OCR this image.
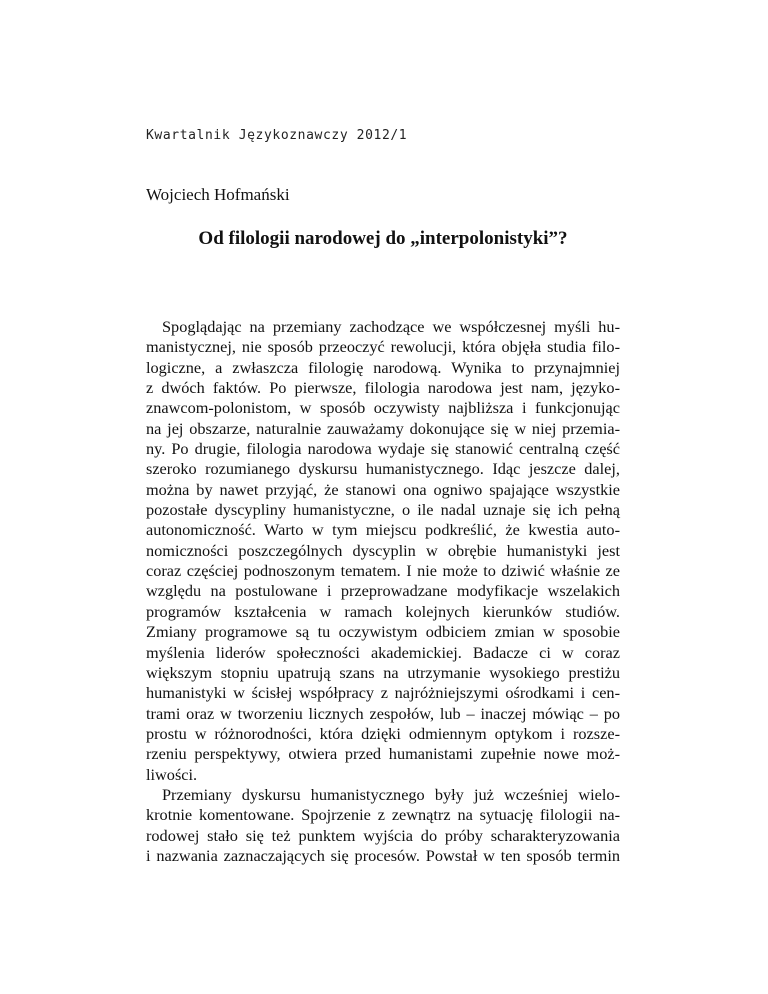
Kwartalnik Językoznawczy 2012/1
Wojciech Hofmański
Od filologii narodowej do „interpolonistyki”?
Spoglądając na przemiany zachodzące we współczesnej myśli hu-
manistycznej, nie sposób przeoczyć rewolucji, która objęła studia filo-
logiczne, a zwłaszcza filologię narodową. Wynika to przynajmniej
z dwóch faktów. Po pierwsze, filologia narodowa jest nam, języko-
znawcom-polonistom, w sposób oczywisty najbliższa i funkcjonując
na jej obszarze, naturalnie zauważamy dokonujące się w niej przemia-
ny. Po drugie, filologia narodowa wydaje się stanowić centralną część
szeroko rozumianego dyskursu humanistycznego. Idąc jeszcze dalej,
można by nawet przyjąć, że stanowi ona ogniwo spajające wszystkie
pozostałe dyscypliny humanistyczne, o ile nadal uznaje się ich pełną
autonomiczność. Warto w tym miejscu podkreślić, że kwestia auto-
nomiczności poszczególnych dyscyplin w obrębie humanistyki jest
coraz częściej podnoszonym tematem. I nie może to dziwić właśnie ze
względu na postulowane i przeprowadzane modyfikacje wszelakich
programów kształcenia w ramach kolejnych kierunków studiów.
Zmiany programowe są tu oczywistym odbiciem zmian w sposobie
myślenia liderów społeczności akademickiej. Badacze ci w coraz
większym stopniu upatrują szans na utrzymanie wysokiego prestiżu
humanistyki w ścisłej współpracy z najróżniejszymi ośrodkami i cen-
trami oraz w tworzeniu licznych zespołów, lub – inaczej mówiąc – po
prostu w różnorodności, która dzięki odmiennym optykom i rozsze-
rzeniu perspektywy, otwiera przed humanistami zupełnie nowe moż-
liwości.
Przemiany dyskursu humanistycznego były już wcześniej wielo-
krotnie komentowane. Spojrzenie z zewnątrz na sytuację filologii na-
rodowej stało się też punktem wyjścia do próby scharakteryzowania
i nazwania zaznaczających się procesów. Powstał w ten sposób termin
